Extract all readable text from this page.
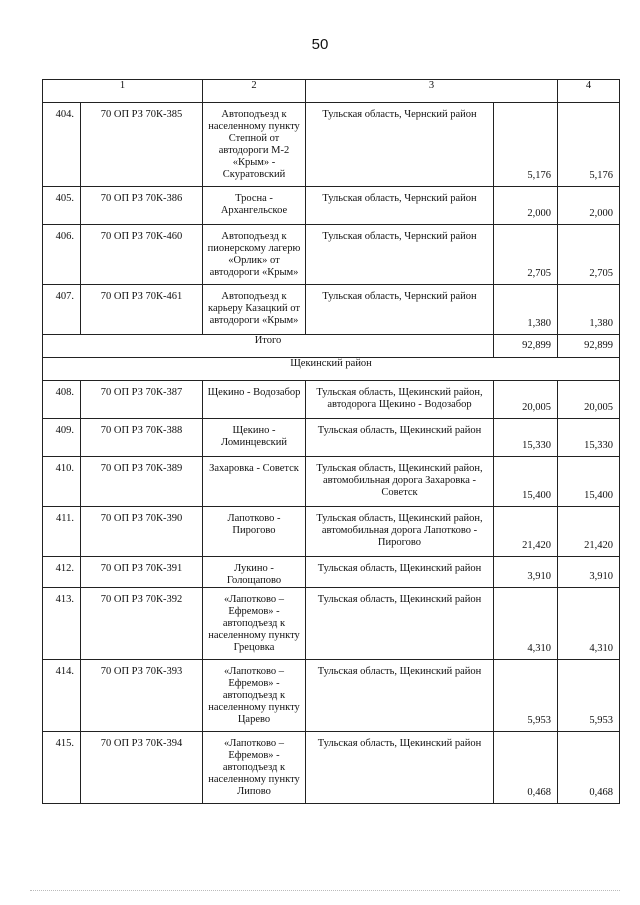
50
1		2	3		4
404.	70 ОП РЗ 70К-385	Автоподъезд к населенному пункту Степной от автодороги М-2 «Крым» - Скуратовский	Тульская область, Чернский район	5,176	5,176
405.	70 ОП РЗ 70К-386	Тросна - Архангельское	Тульская область, Чернский район	2,000	2,000
406.	70 ОП РЗ 70К-460	Автоподъезд к пионерскому лагерю «Орлик» от автодороги «Крым»	Тульская область, Чернский район	2,705	2,705
407.	70 ОП РЗ 70К-461	Автоподъезд к карьеру Казацкий от автодороги «Крым»	Тульская область, Чернский район	1,380	1,380
Итого				92,899	92,899
Щекинский район					
408.	70 ОП РЗ 70К-387	Щекино - Водозабор	Тульская область, Щекинский район, автодорога Щекино - Водозабор	20,005	20,005
409.	70 ОП РЗ 70К-388	Щекино - Ломинцевский	Тульская область, Щекинский район	15,330	15,330
410.	70 ОП РЗ 70К-389	Захаровка - Советск	Тульская область, Щекинский район, автомобильная дорога Захаровка - Советск	15,400	15,400
411.	70 ОП РЗ 70К-390	Лапотково - Пирогово	Тульская область, Щекинский район, автомобильная дорога Лапотково - Пирогово	21,420	21,420
412.	70 ОП РЗ 70К-391	Лукино - Голощапово	Тульская область, Щекинский район	3,910	3,910
413.	70 ОП РЗ 70К-392	«Лапотково – Ефремов» - автоподъезд к населенному пункту Грецовка	Тульская область, Щекинский район	4,310	4,310
414.	70 ОП РЗ 70К-393	«Лапотково – Ефремов» - автоподъезд к населенному пункту Царево	Тульская область, Щекинский район	5,953	5,953
415.	70 ОП РЗ 70К-394	«Лапотково – Ефремов» - автоподъезд к населенному пункту Липово	Тульская область, Щекинский район	0,468	0,468
